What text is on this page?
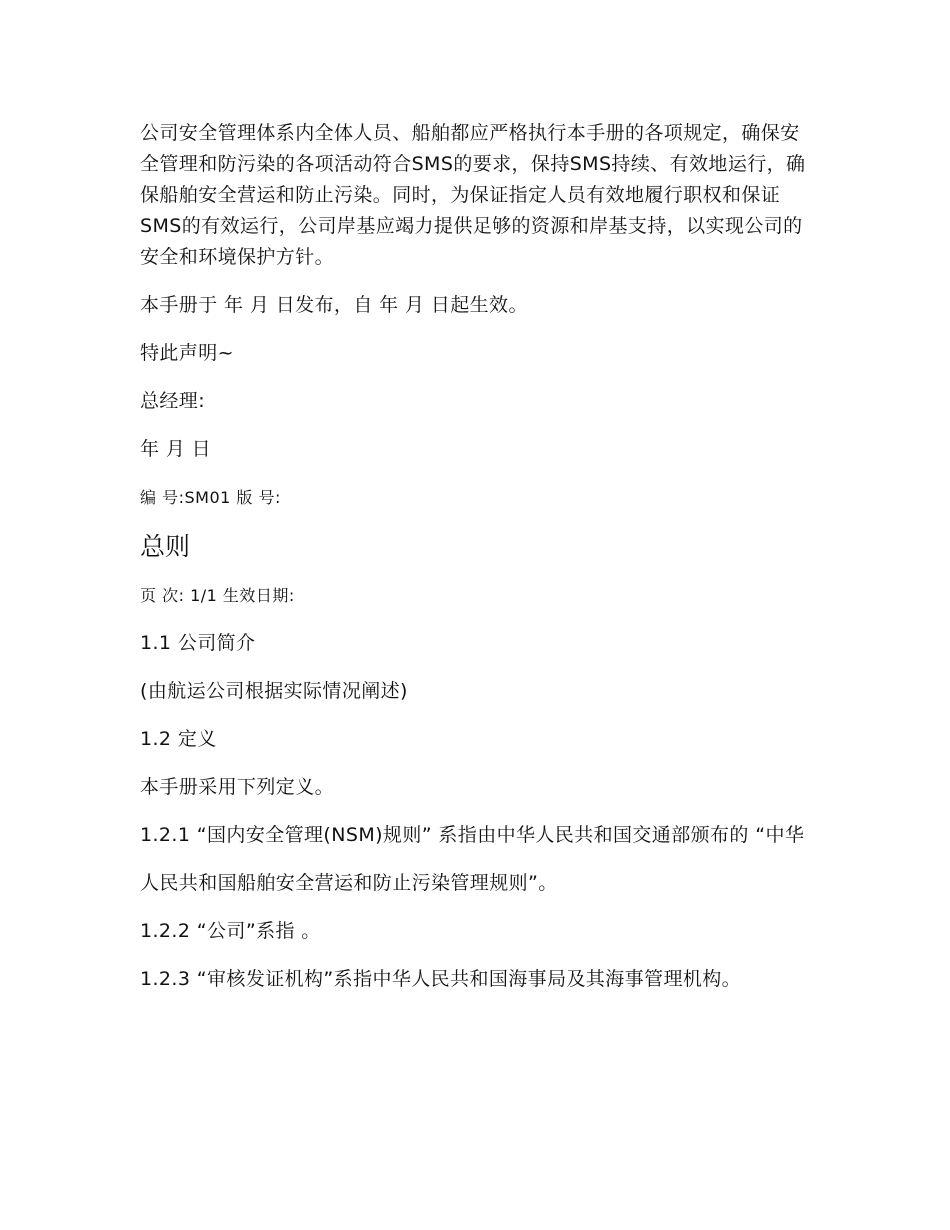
公司安全管理体系内全体人员、船舶都应严格执行本手册的各项规定，确保安全管理和防污染的各项活动符合SMS的要求，保持SMS持续、有效地运行，确保船舶安全营运和防止污染。同时，为保证指定人员有效地履行职权和保证SMS的有效运行，公司岸基应竭力提供足够的资源和岸基支持，以实现公司的安全和环境保护方针。

本手册于 年 月 日发布，自 年 月 日起生效。

特此声明~

总经理:

年 月 日

编 号:SM01 版 号:

总则

页 次: 1/1 生效日期:

1.1 公司简介

(由航运公司根据实际情况阐述)

1.2 定义

本手册采用下列定义。

1.2.1 “国内安全管理(NSM)规则” 系指由中华人民共和国交通部颁布的 “中华

人民共和国船舶安全营运和防止污染管理规则”。

1.2.2 “公司”系指 。

1.2.3 “审核发证机构”系指中华人民共和国海事局及其海事管理机构。
